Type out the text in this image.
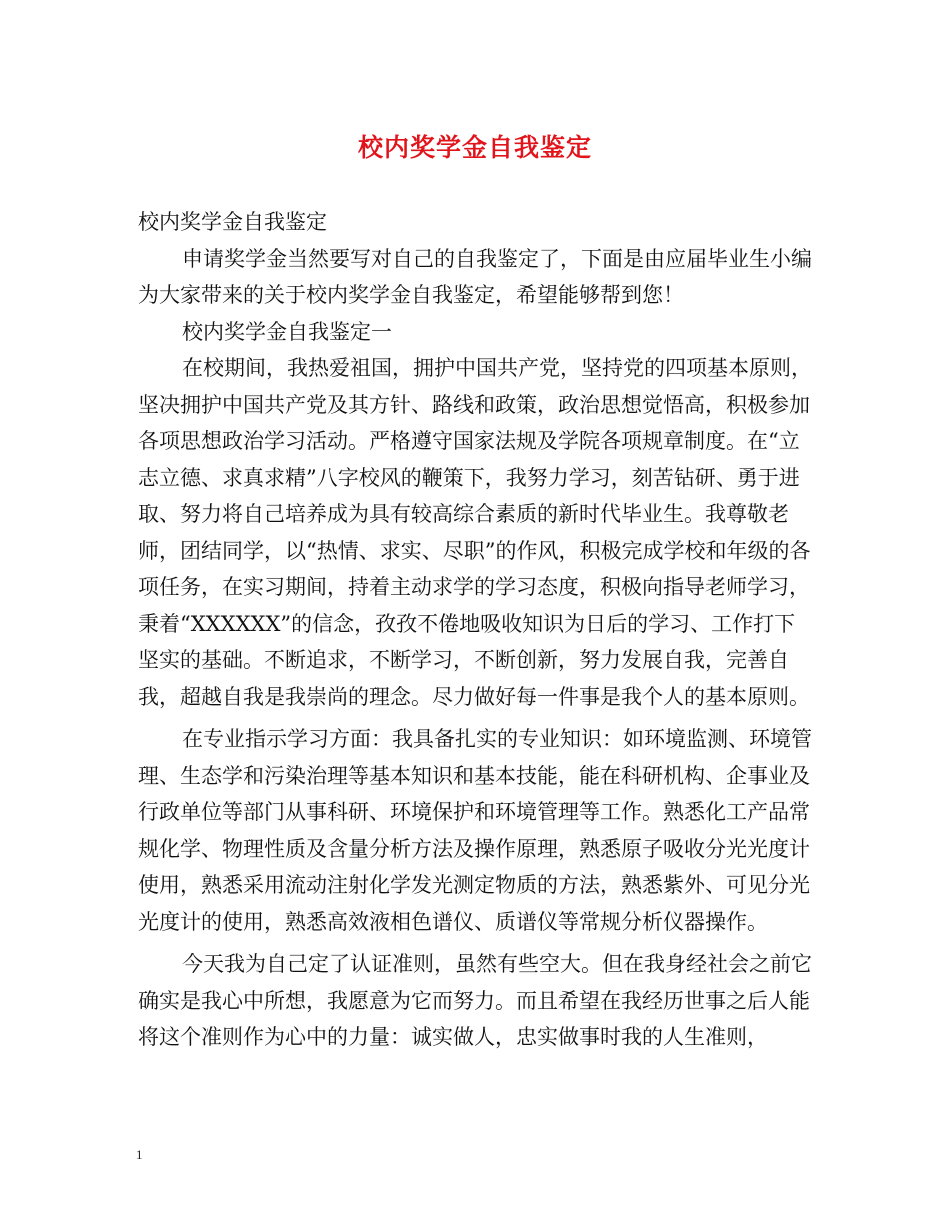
校内奖学金自我鉴定

校内奖学金自我鉴定

申请奖学金当然要写对自己的自我鉴定了，下面是由应届毕业生小编为大家带来的关于校内奖学金自我鉴定，希望能够帮到您！

校内奖学金自我鉴定一

在校期间，我热爱祖国，拥护中国共产党，坚持党的四项基本原则，坚决拥护中国共产党及其方针、路线和政策，政治思想觉悟高，积极参加各项思想政治学习活动。严格遵守国家法规及学院各项规章制度。在“立志立德、求真求精”八字校风的鞭策下，我努力学习，刻苦钻研、勇于进取、努力将自己培养成为具有较高综合素质的新时代毕业生。我尊敬老师，团结同学，以“热情、求实、尽职”的作风，积极完成学校和年级的各项任务，在实习期间，持着主动求学的学习态度，积极向指导老师学习，秉着“XXXXXX”的信念，孜孜不倦地吸收知识为日后的学习、工作打下坚实的基础。不断追求，不断学习，不断创新，努力发展自我，完善自我，超越自我是我崇尚的理念。尽力做好每一件事是我个人的基本原则。

在专业指示学习方面：我具备扎实的专业知识：如环境监测、环境管理、生态学和污染治理等基本知识和基本技能，能在科研机构、企事业及行政单位等部门从事科研、环境保护和环境管理等工作。熟悉化工产品常规化学、物理性质及含量分析方法及操作原理，熟悉原子吸收分光光度计使用，熟悉采用流动注射化学发光测定物质的方法，熟悉紫外、可见分光光度计的使用，熟悉高效液相色谱仪、质谱仪等常规分析仪器操作。

今天我为自己定了认证准则，虽然有些空大。但在我身经社会之前它确实是我心中所想，我愿意为它而努力。而且希望在我经历世事之后人能将这个准则作为心中的力量：诚实做人，忠实做事时我的人生准则，

1
